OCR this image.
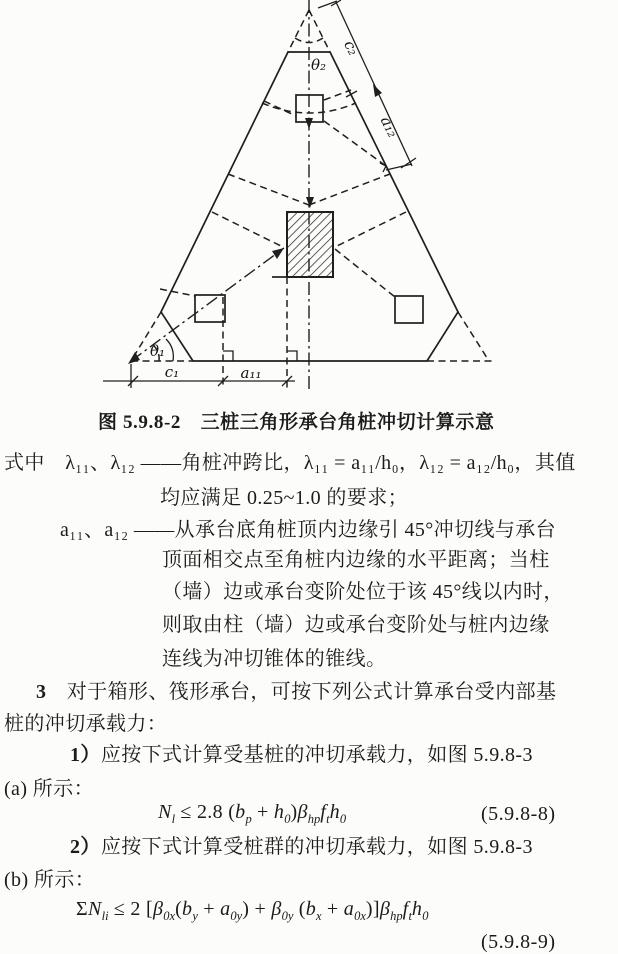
θ₂
θ₁
c₂
a₁₂
c₁	a₁₁
图 5.9.8-2　三桩三角形承台角桩冲切计算示意
式中　λ₁₁、λ₁₂ ——角桩冲跨比，λ₁₁ = a₁₁/h₀，λ₁₂ = a₁₂/h₀，其值
均应满足 0.25~1.0 的要求；
a₁₁、a₁₂ ——从承台底角桩顶内边缘引 45°冲切线与承台
顶面相交点至角桩内边缘的水平距离；当柱
（墙）边或承台变阶处位于该 45°线以内时，
则取由柱（墙）边或承台变阶处与桩内边缘
连线为冲切锥体的锥线。
3　对于箱形、筏形承台，可按下列公式计算承台受内部基
桩的冲切承载力：
1）应按下式计算受基桩的冲切承载力，如图 5.9.8-3
(a) 所示：
$N_l \le 2.8$ $(b_p + h_0)\beta_{hp}f_th_0$	(5.9.8-8)
2）应按下式计算受桩群的冲切承载力，如图 5.9.8-3
(b) 所示：
$\Sigma N_{li} \le 2$ [$\beta_{0x}(b_y + a_{0y}) + \beta_{0y}$ $(b_x + a_{0x})]\beta_{hp}f_th_0$
(5.9.8-9)
